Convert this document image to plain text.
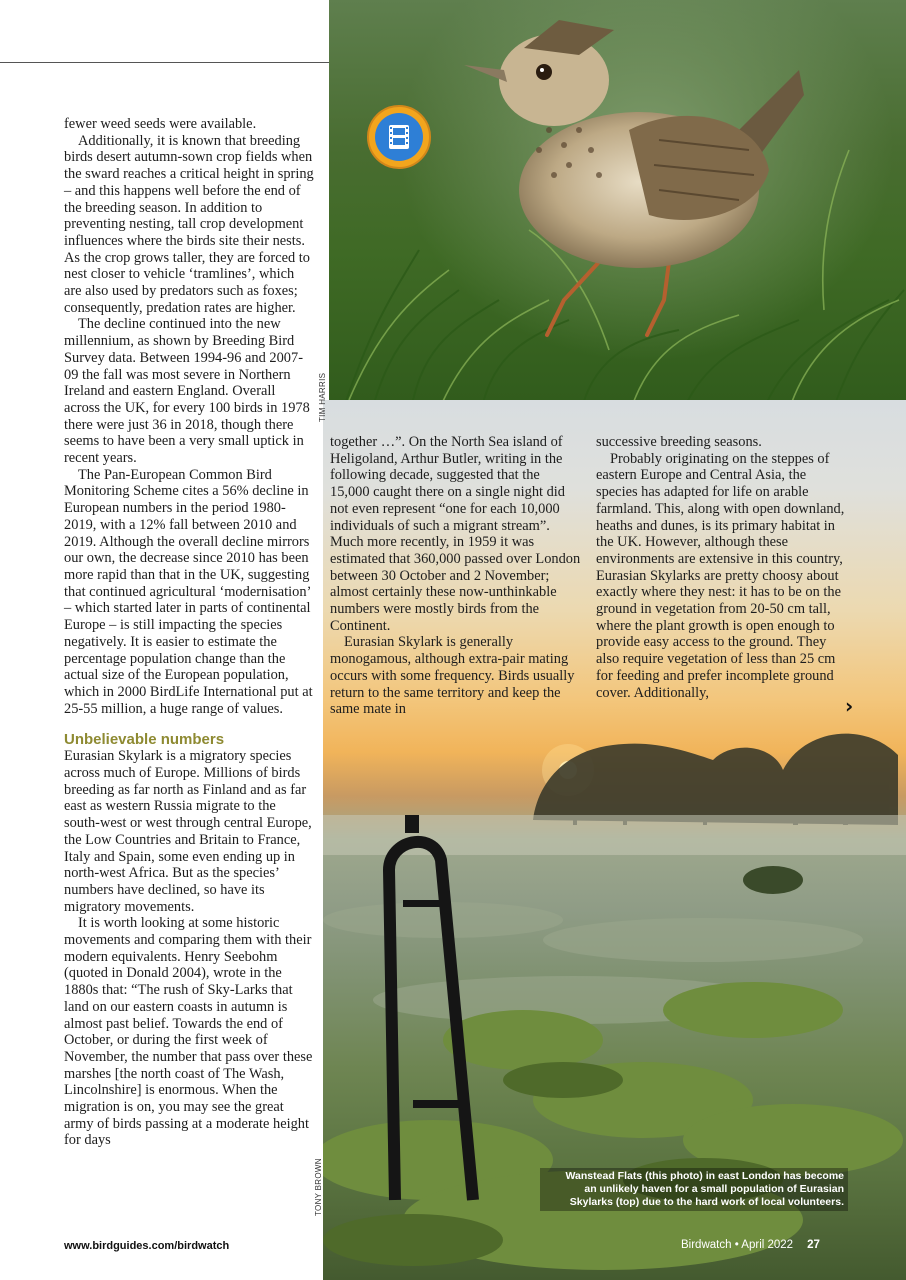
TIM HARRIS
TONY BROWN

fewer weed seeds were available.

Additionally, it is known that breeding birds desert autumn-sown crop fields when the sward reaches a critical height in spring – and this happens well before the end of the breeding season. In addition to preventing nesting, tall crop development influences where the birds site their nests. As the crop grows taller, they are forced to nest closer to vehicle ‘tramlines’, which are also used by predators such as foxes; consequently, predation rates are higher.

The decline continued into the new millennium, as shown by Breeding Bird Survey data. Between 1994-96 and 2007-09 the fall was most severe in Northern Ireland and eastern England. Overall across the UK, for every 100 birds in 1978 there were just 36 in 2018, though there seems to have been a very small uptick in recent years.

The Pan-European Common Bird Monitoring Scheme cites a 56% decline in European numbers in the period 1980-2019, with a 12% fall between 2010 and 2019. Although the overall decline mirrors our own, the decrease since 2010 has been more rapid than that in the UK, suggesting that continued agricultural ‘modernisation’ – which started later in parts of continental Europe – is still impacting the species negatively. It is easier to estimate the percentage population change than the actual size of the European population, which in 2000 BirdLife International put at 25-55 million, a huge range of values.

Unbelievable numbers

Eurasian Skylark is a migratory species across much of Europe. Millions of birds breeding as far north as Finland and as far east as western Russia migrate to the south-west or west through central Europe, the Low Countries and Britain to France, Italy and Spain, some even ending up in north-west Africa. But as the species’ numbers have declined, so have its migratory movements.

It is worth looking at some historic movements and comparing them with their modern equivalents. Henry Seebohm (quoted in Donald 2004), wrote in the 1880s that: “The rush of Sky-Larks that land on our eastern coasts in autumn is almost past belief. Towards the end of October, or during the first week of November, the number that pass over these marshes [the north coast of The Wash, Lincolnshire] is enormous. When the migration is on, you may see the great army of birds passing at a moderate height for days

together …”. On the North Sea island of Heligoland, Arthur Butler, writing in the following decade, suggested that the 15,000 caught there on a single night did not even represent “one for each 10,000 individuals of such a migrant stream”. Much more recently, in 1959 it was estimated that 360,000 passed over London between 30 October and 2 November; almost certainly these now-unthinkable numbers were mostly birds from the Continent.

Eurasian Skylark is generally monogamous, although extra-pair mating occurs with some frequency. Birds usually return to the same territory and keep the same mate in

successive breeding seasons.

Probably originating on the steppes of eastern Europe and Central Asia, the species has adapted for life on arable farmland. This, along with open downland, heaths and dunes, is its primary habitat in the UK. However, although these environments are extensive in this country, Eurasian Skylarks are pretty choosy about exactly where they nest: it has to be on the ground in vegetation from 20-50 cm tall, where the plant growth is open enough to provide easy access to the ground. They also require vegetation of less than 25 cm for feeding and prefer incomplete ground cover. Additionally,

›
Wanstead Flats (this photo) in east London has become
an unlikely haven for a small population of Eurasian
Skylarks (top) due to the hard work of local volunteers.
www.birdguides.com/birdwatch	Birdwatch • April 2022 27
